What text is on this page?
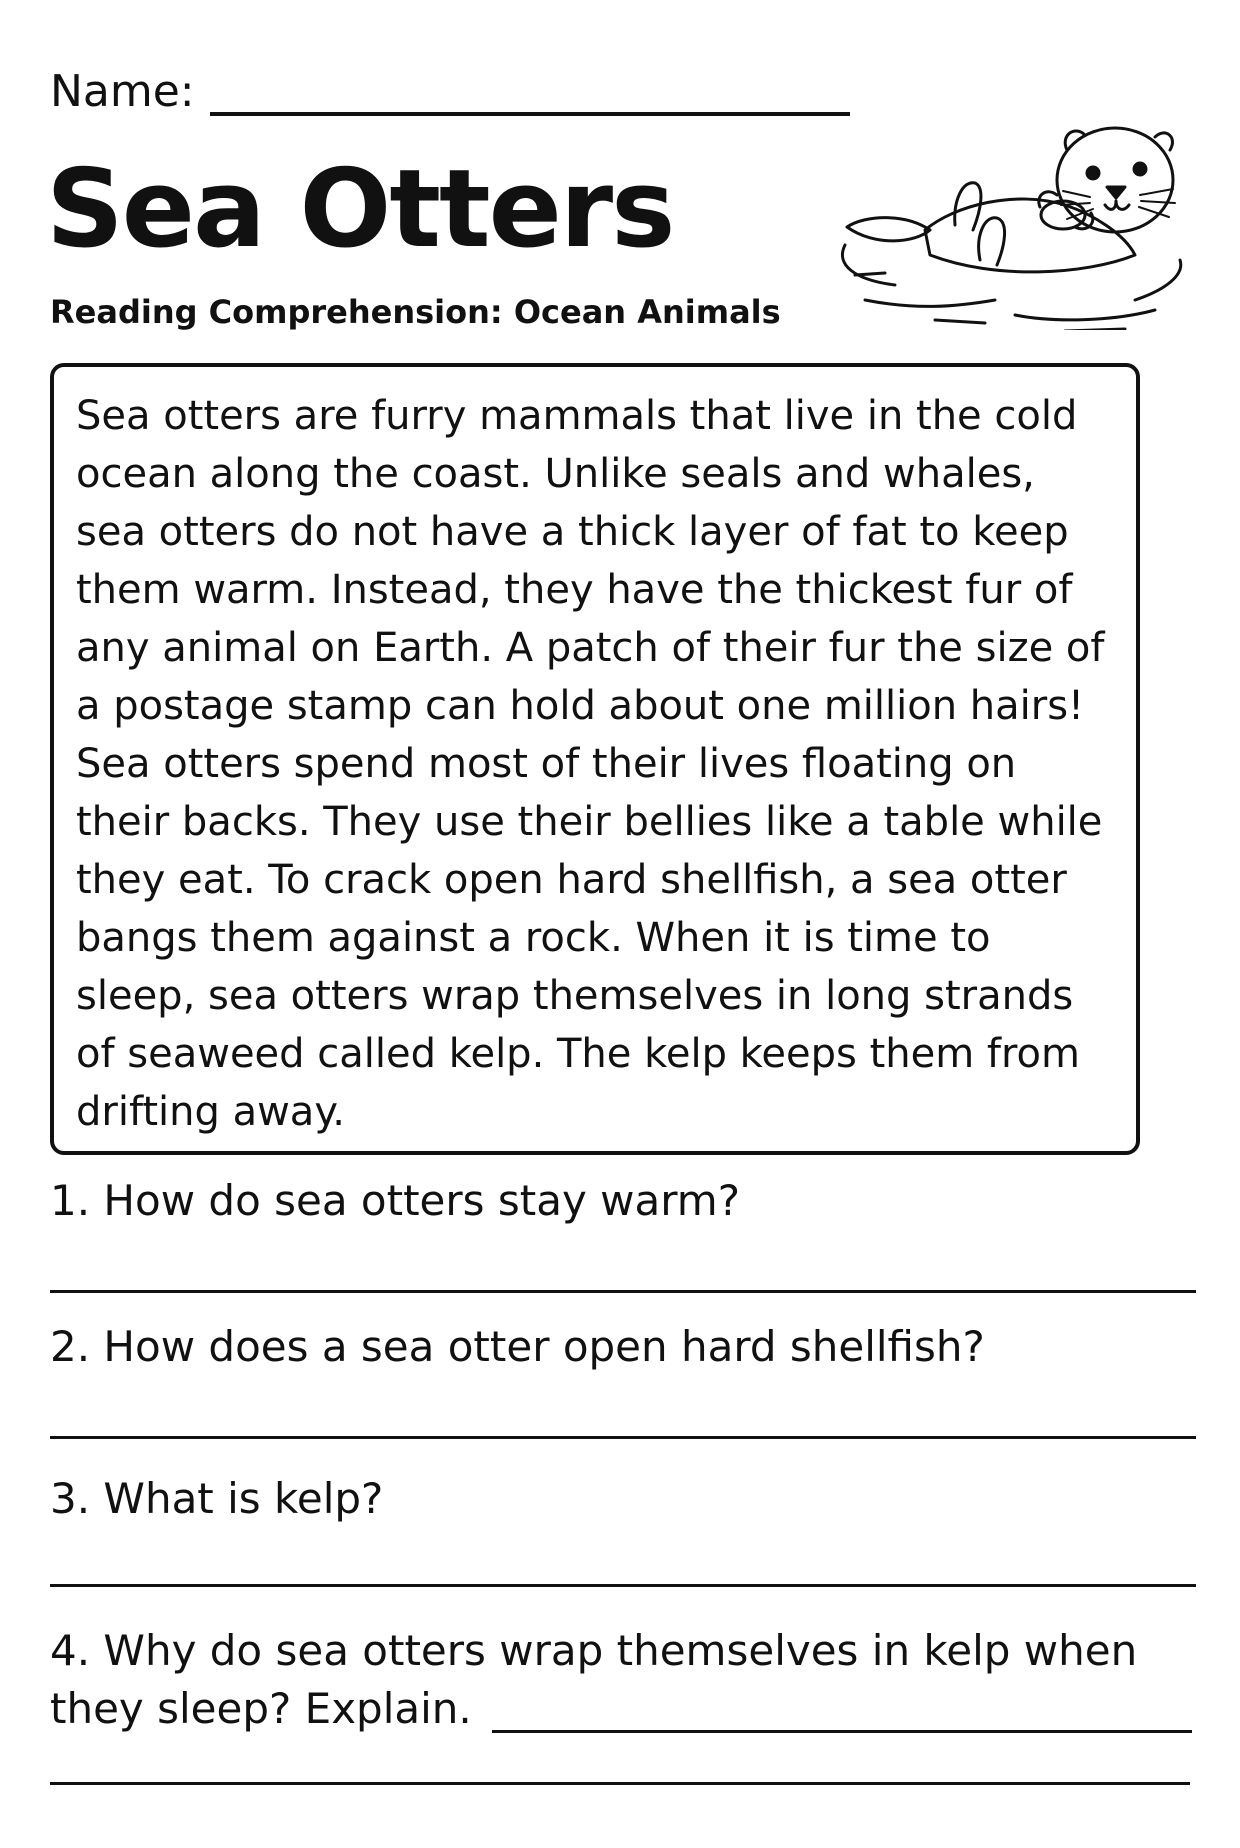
Name:
Sea Otters
Reading Comprehension: Ocean Animals
Sea otters are furry mammals that live in the cold
ocean along the coast. Unlike seals and whales,
sea otters do not have a thick layer of fat to keep
them warm. Instead, they have the thickest fur of
any animal on Earth. A patch of their fur the size of
a postage stamp can hold about one million hairs!
Sea otters spend most of their lives floating on
their backs. They use their bellies like a table while
they eat. To crack open hard shellfish, a sea otter
bangs them against a rock. When it is time to
sleep, sea otters wrap themselves in long strands
of seaweed called kelp. The kelp keeps them from
drifting away.
1. How do sea otters stay warm?
2. How does a sea otter open hard shellfish?
3. What is kelp?
4. Why do sea otters wrap themselves in kelp when
they sleep? Explain.
